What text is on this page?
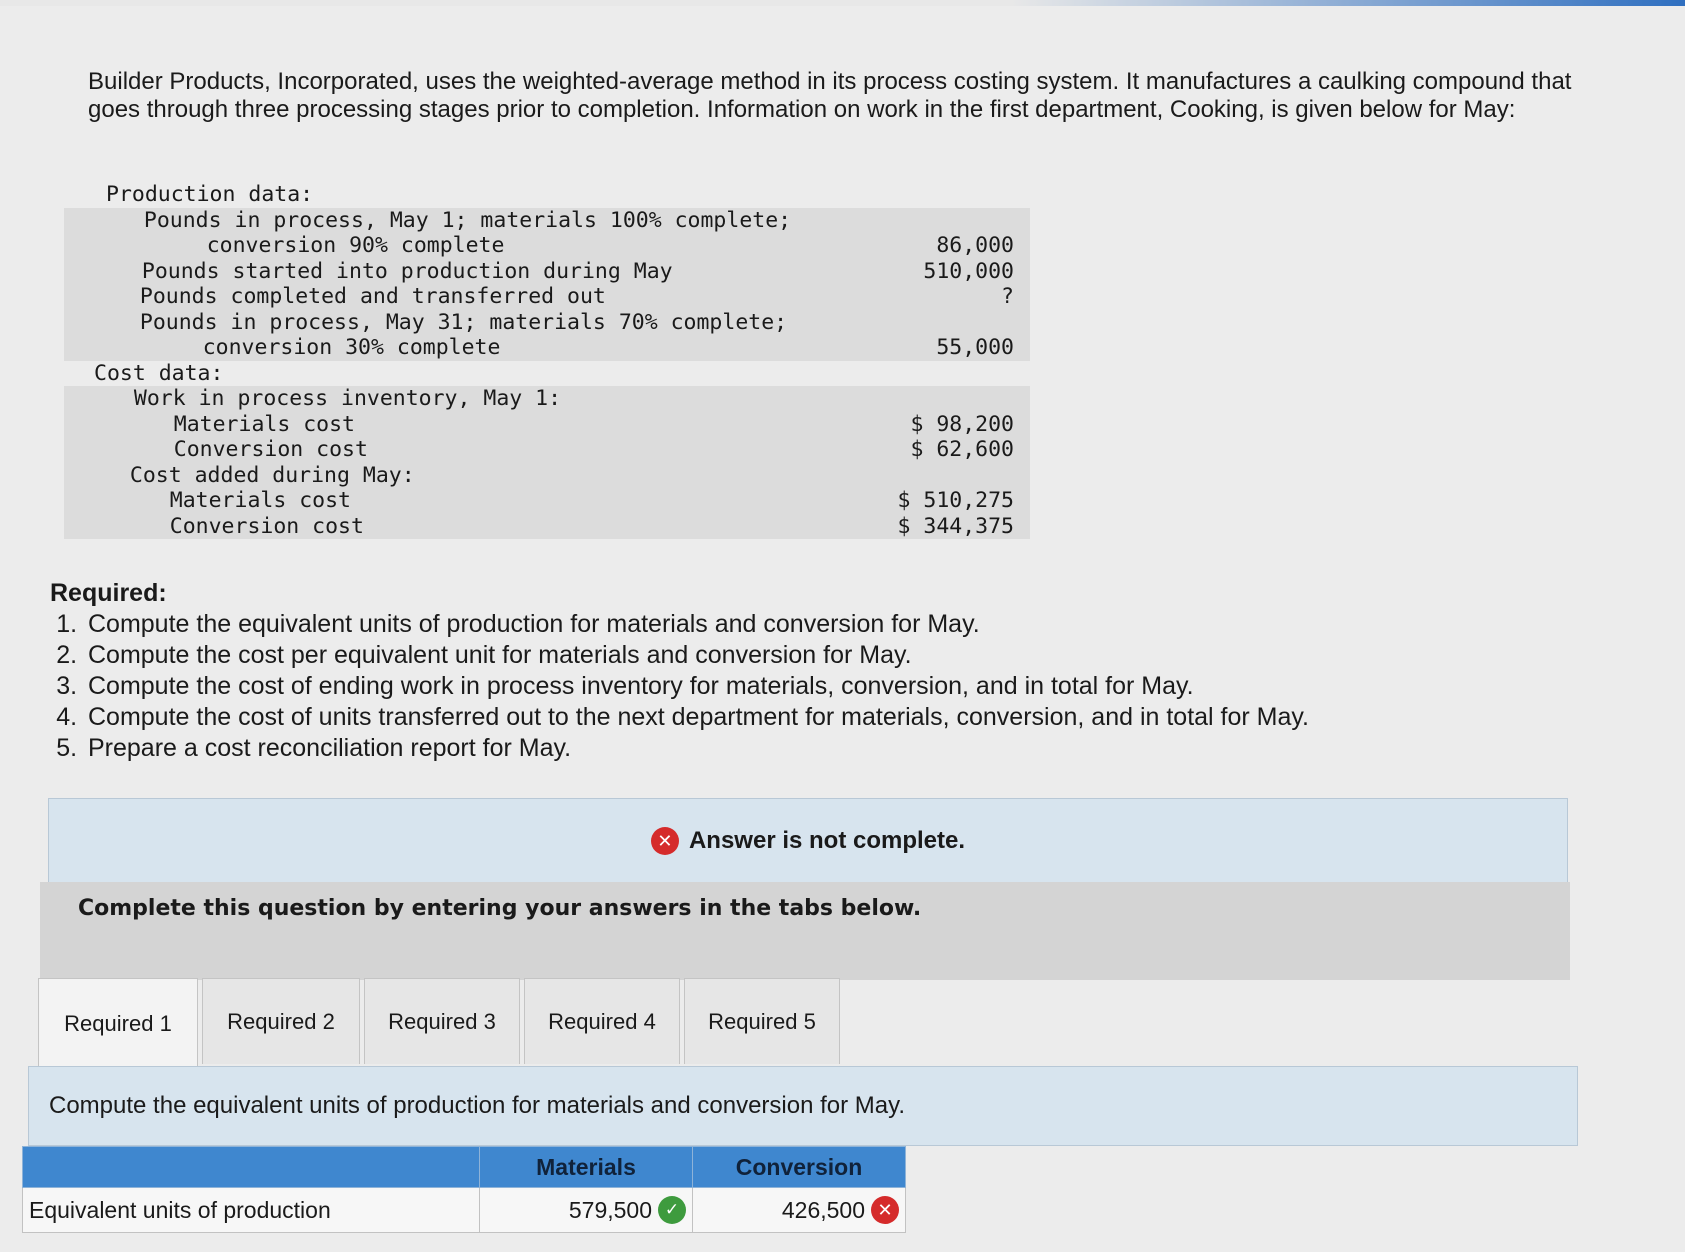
Builder Products, Incorporated, uses the weighted-average method in its process costing system. It manufactures a caulking compound that goes through three processing stages prior to completion. Information on work in the first department, Cooking, is given below for May:

Production data:
Pounds in process, May 1; materials 100% complete;
conversion 90% complete	86,000
Pounds started into production during May	510,000
Pounds completed and transferred out	?
Pounds in process, May 31; materials 70% complete;
conversion 30% complete	55,000
Cost data:
Work in process inventory, May 1:
Materials cost	$ 98,200
Conversion cost	$ 62,600
Cost added during May:
Materials cost	$ 510,275
Conversion cost	$ 344,375
Required:
1. Compute the equivalent units of production for materials and conversion for May.
2. Compute the cost per equivalent unit for materials and conversion for May.
3. Compute the cost of ending work in process inventory for materials, conversion, and in total for May.
4. Compute the cost of units transferred out to the next department for materials, conversion, and in total for May.
5. Prepare a cost reconciliation report for May.
✕ Answer is not complete.
Complete this question by entering your answers in the tabs below.
Required 1	Required 2 Required 3 Required 4 Required 5
Compute the equivalent units of production for materials and conversion for May.
	Materials	Conversion
Equivalent units of production	579,500 ✓	426,500 ✕
